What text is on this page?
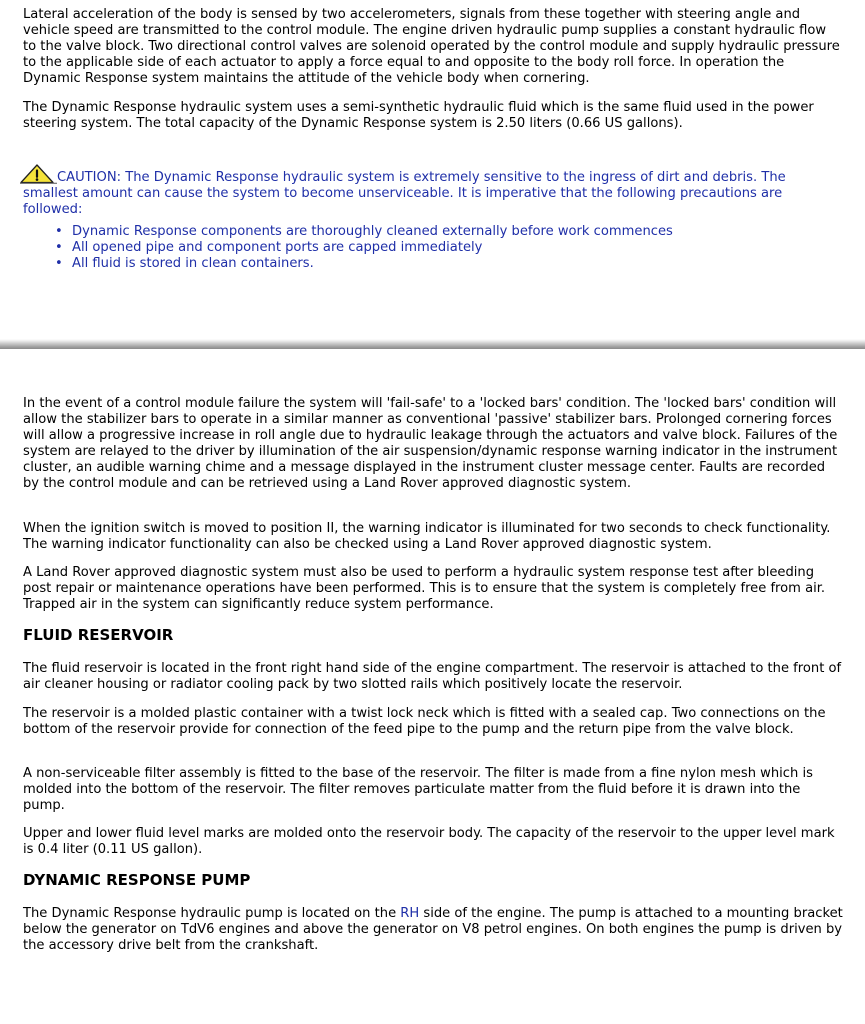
Lateral acceleration of the body is sensed by two accelerometers, signals from these together with steering angle and vehicle speed are transmitted to the control module. The engine driven hydraulic pump supplies a constant hydraulic flow to the valve block. Two directional control valves are solenoid operated by the control module and supply hydraulic pressure to the applicable side of each actuator to apply a force equal to and opposite to the body roll force. In operation the Dynamic Response system maintains the attitude of the vehicle body when cornering.

The Dynamic Response hydraulic system uses a semi-synthetic hydraulic fluid which is the same fluid used in the power steering system. The total capacity of the Dynamic Response system is 2.50 liters (0.66 US gallons).

CAUTION: The Dynamic Response hydraulic system is extremely sensitive to the ingress of dirt and debris. The smallest amount can cause the system to become unserviceable. It is imperative that the following precautions are followed:

• Dynamic Response components are thoroughly cleaned externally before work commences
• All opened pipe and component ports are capped immediately
• All fluid is stored in clean containers.

In the event of a control module failure the system will 'fail-safe' to a 'locked bars' condition. The 'locked bars' condition will allow the stabilizer bars to operate in a similar manner as conventional 'passive' stabilizer bars. Prolonged cornering forces will allow a progressive increase in roll angle due to hydraulic leakage through the actuators and valve block. Failures of the system are relayed to the driver by illumination of the air suspension/dynamic response warning indicator in the instrument cluster, an audible warning chime and a message displayed in the instrument cluster message center. Faults are recorded by the control module and can be retrieved using a Land Rover approved diagnostic system.

When the ignition switch is moved to position II, the warning indicator is illuminated for two seconds to check functionality. The warning indicator functionality can also be checked using a Land Rover approved diagnostic system.

A Land Rover approved diagnostic system must also be used to perform a hydraulic system response test after bleeding post repair or maintenance operations have been performed. This is to ensure that the system is completely free from air. Trapped air in the system can significantly reduce system performance.

FLUID RESERVOIR

The fluid reservoir is located in the front right hand side of the engine compartment. The reservoir is attached to the front of air cleaner housing or radiator cooling pack by two slotted rails which positively locate the reservoir.

The reservoir is a molded plastic container with a twist lock neck which is fitted with a sealed cap. Two connections on the bottom of the reservoir provide for connection of the feed pipe to the pump and the return pipe from the valve block.

A non-serviceable filter assembly is fitted to the base of the reservoir. The filter is made from a fine nylon mesh which is molded into the bottom of the reservoir. The filter removes particulate matter from the fluid before it is drawn into the pump.

Upper and lower fluid level marks are molded onto the reservoir body. The capacity of the reservoir to the upper level mark is 0.4 liter (0.11 US gallon).

DYNAMIC RESPONSE PUMP

The Dynamic Response hydraulic pump is located on the RH side of the engine. The pump is attached to a mounting bracket below the generator on TdV6 engines and above the generator on V8 petrol engines. On both engines the pump is driven by the accessory drive belt from the crankshaft.
